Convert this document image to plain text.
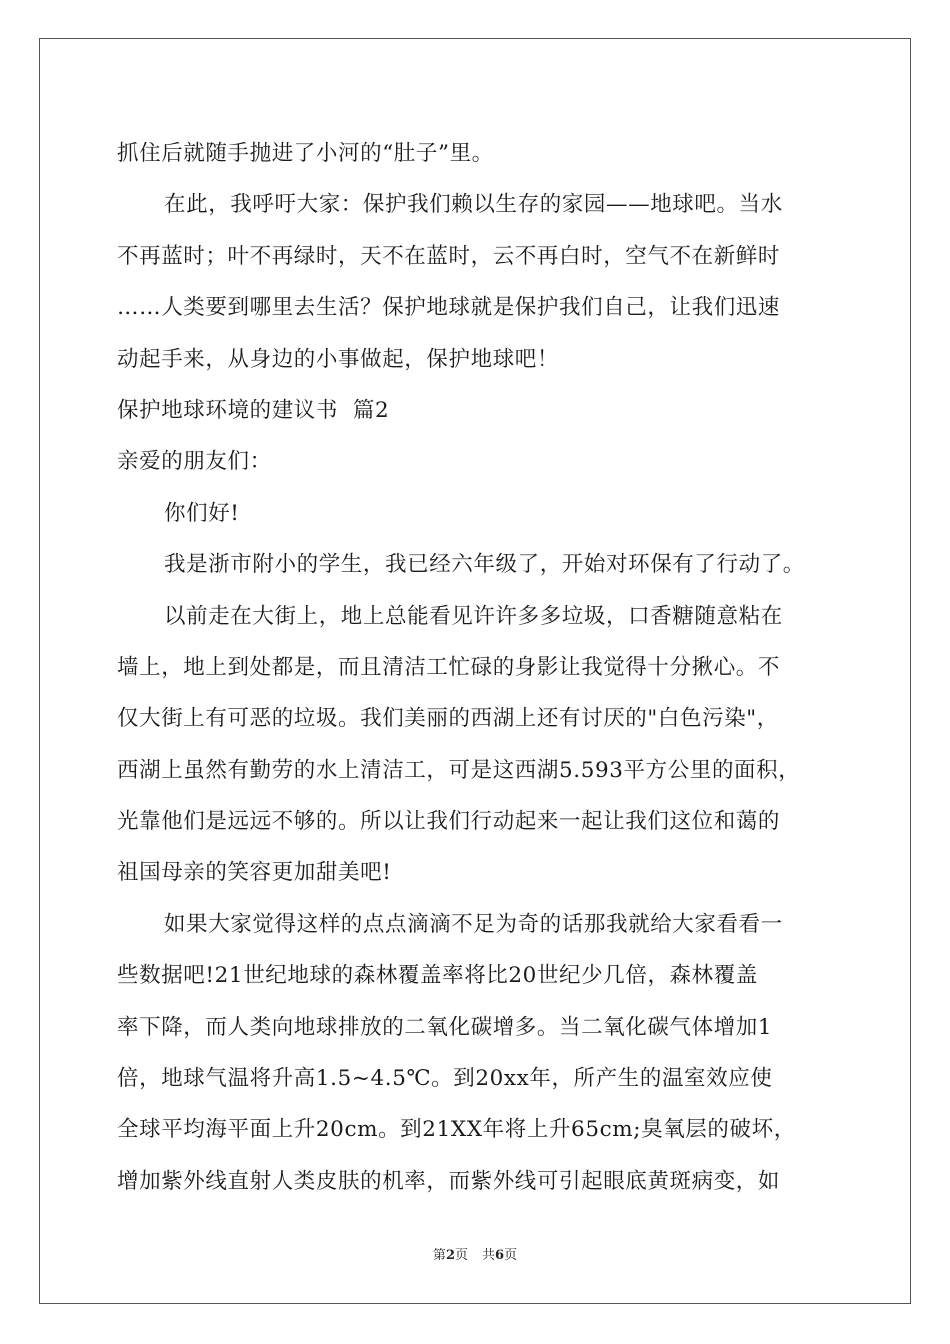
抓住后就随手抛进了小河的“肚子”里。
在此，我呼吁大家：保护我们赖以生存的家园——地球吧。当水
不再蓝时；叶不再绿时，天不在蓝时，云不再白时，空气不在新鲜时
……人类要到哪里去生活？保护地球就是保护我们自己，让我们迅速
动起手来，从身边的小事做起，保护地球吧！
保护地球环境的建议书  篇2
亲爱的朋友们：
你们好!
我是浙市附小的学生，我已经六年级了，开始对环保有了行动了。
以前走在大街上，地上总能看见许许多多垃圾，口香糖随意粘在
墙上，地上到处都是，而且清洁工忙碌的身影让我觉得十分揪心。不
仅大街上有可恶的垃圾。我们美丽的西湖上还有讨厌的"白色污染"，
西湖上虽然有勤劳的水上清洁工，可是这西湖5.593平方公里的面积，
光靠他们是远远不够的。所以让我们行动起来一起让我们这位和蔼的
祖国母亲的笑容更加甜美吧!
如果大家觉得这样的点点滴滴不足为奇的话那我就给大家看看一
些数据吧!21世纪地球的森林覆盖率将比20世纪少几倍，森林覆盖
率下降，而人类向地球排放的二氧化碳增多。当二氧化碳气体增加1
倍，地球气温将升高1.5~4.5℃。到20xx年，所产生的温室效应使
全球平均海平面上升20cm。到21XX年将上升65cm;臭氧层的破坏，
增加紫外线直射人类皮肤的机率，而紫外线可引起眼底黄斑病变，如
第2页 共6页
